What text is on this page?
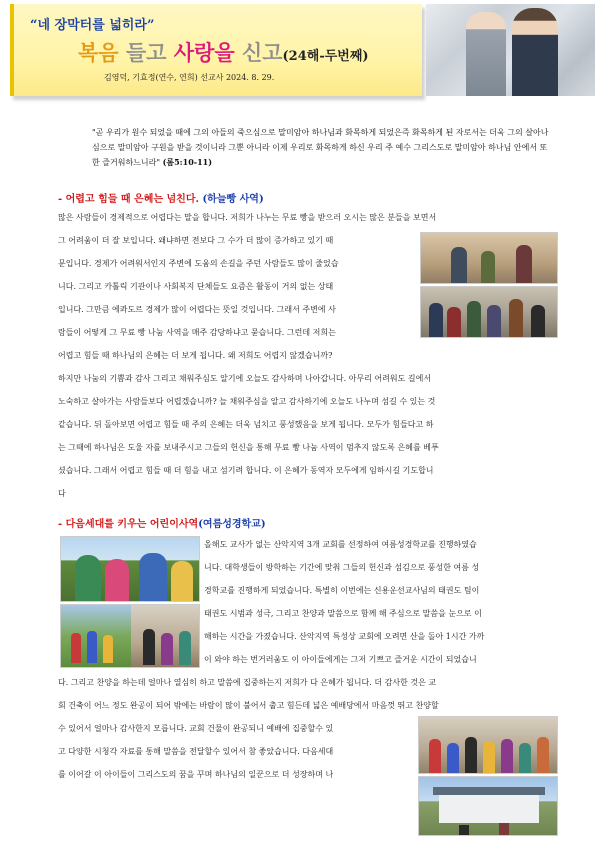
“네 장막터를 넓히라”
복음 들고 사랑을 신고(24해-두번째)
김영덕, 기효정(연수, 연희) 선교사 2024. 8. 29.
"곧 우리가 원수 되었을 때에 그의 아들의 죽으심으로 말미암아 하나님과 화목하게 되었은즉 화목하게 된 자로서는 더욱 그의 살아나심으로 말미암아 구원을 받을 것이니라 그뿐 아니라 이제 우리로 화목하게 하신 우리 주 예수 그리스도로 말미암아 하나님 안에서 또한 즐거워하느니라" (롬5:10-11)
- 어렵고 힘들 때 은혜는 넘친다. (하늘빵 사역)
많은 사람들이 경제적으로 어렵다는 말을 합니다. 저희가 나누는 무료 빵을 받으러 오시는 많은 분들을 보면서
그 어려움이 더 잘 보입니다. 왜냐하면 전보다 그 수가 더 많이 증가하고 있기 때
문입니다. 경제가 어려워서인지 주변에 도움의 손길을 주던 사람들도 많이 줄었습
니다. 그리고 카톨릭 기관이나 사회복지 단체들도 요즘은 활동이 거의 없는 상태
입니다. 그만큼 에콰도르 경제가 많이 어렵다는 뜻일 것입니다. 그래서 주변에 사
람들이 어떻게 그 무료 빵 나눔 사역을 매주 감당하냐고 묻습니다. 그런데 저희는
어렵고 힘들 때 하나님의 은혜는 더 보게 됩니다. 왜 저희도 어렵지 않겠습니까?
하지만 나눔의 기쁨과 감사 그리고 채워주심도 알기에 오늘도 감사하며 나아갑니다. 아무리 어려워도 길에서
노숙하고 살아가는 사람들보다 어렵겠습니까? 늘 채워주심을 알고 감사하기에 오늘도 나누며 섬길 수 있는 것
같습니다. 뒤 돌아보면 어렵고 힘들 때 주의 은혜는 더욱 넘치고 풍성했음을 보게 됩니다. 모두가 힘들다고 하
는 그때에 하나님은 도울 자를 보내주시고 그들의 헌신을 통해 무료 빵 나눔 사역이 멈추지 않도록 은혜를 베푸
셨습니다. 그래서 어렵고 힘들 때 더 힘을 내고 섬기려 합니다. 이 은혜가 동역자 모두에게 임하시길 기도합니
다
- 다음세대를 키우는 어린이사역(여름성경학교)
올해도 교사가 없는 산악지역 3개 교회를 선정하여 여름성경학교를 진행하였습
니다. 대학생들이 방학하는 기간에 맞춰 그들의 헌신과 섬김으로 풍성한 여름 성
경학교를 진행하게 되었습니다. 특별히 이번에는 신용운선교사님의 태권도 팀이
태권도 시범과 성극, 그리고 찬양과 말씀으로 함께 해 주심으로 말씀을 눈으로 이
해하는 시간을 가졌습니다. 산악지역 특성상 교회에 오려면 산을 돌아 1시간 가까
이 와야 하는 번거러움도 이 아이들에게는 그저 기쁘고 즐거운 시간이 되었습니
다. 그리고 찬양을 하는데 얼마나 열심히 하고 말씀에 집중하는지 저희가 다 은혜가 됩니다. 더 감사한 것은 교
회 건축이 어느 정도 완공이 되어 밖에는 바람이 많이 불어서 춥고 힘든데 넓은 예배당에서 마음껏 뛰고 찬양할
수 있어서 얼마나 감사한지 모릅니다. 교회 건물이 완공되니 예배에 집중할수 있
고 다양한 시청각 자료를 통해 말씀을 전달할수 있어서 참 좋았습니다. 다음세대
를 이어갈 이 아이들이 그리스도의 꿈을 꾸며 하나님의 일꾼으로 더 성장하며 나
